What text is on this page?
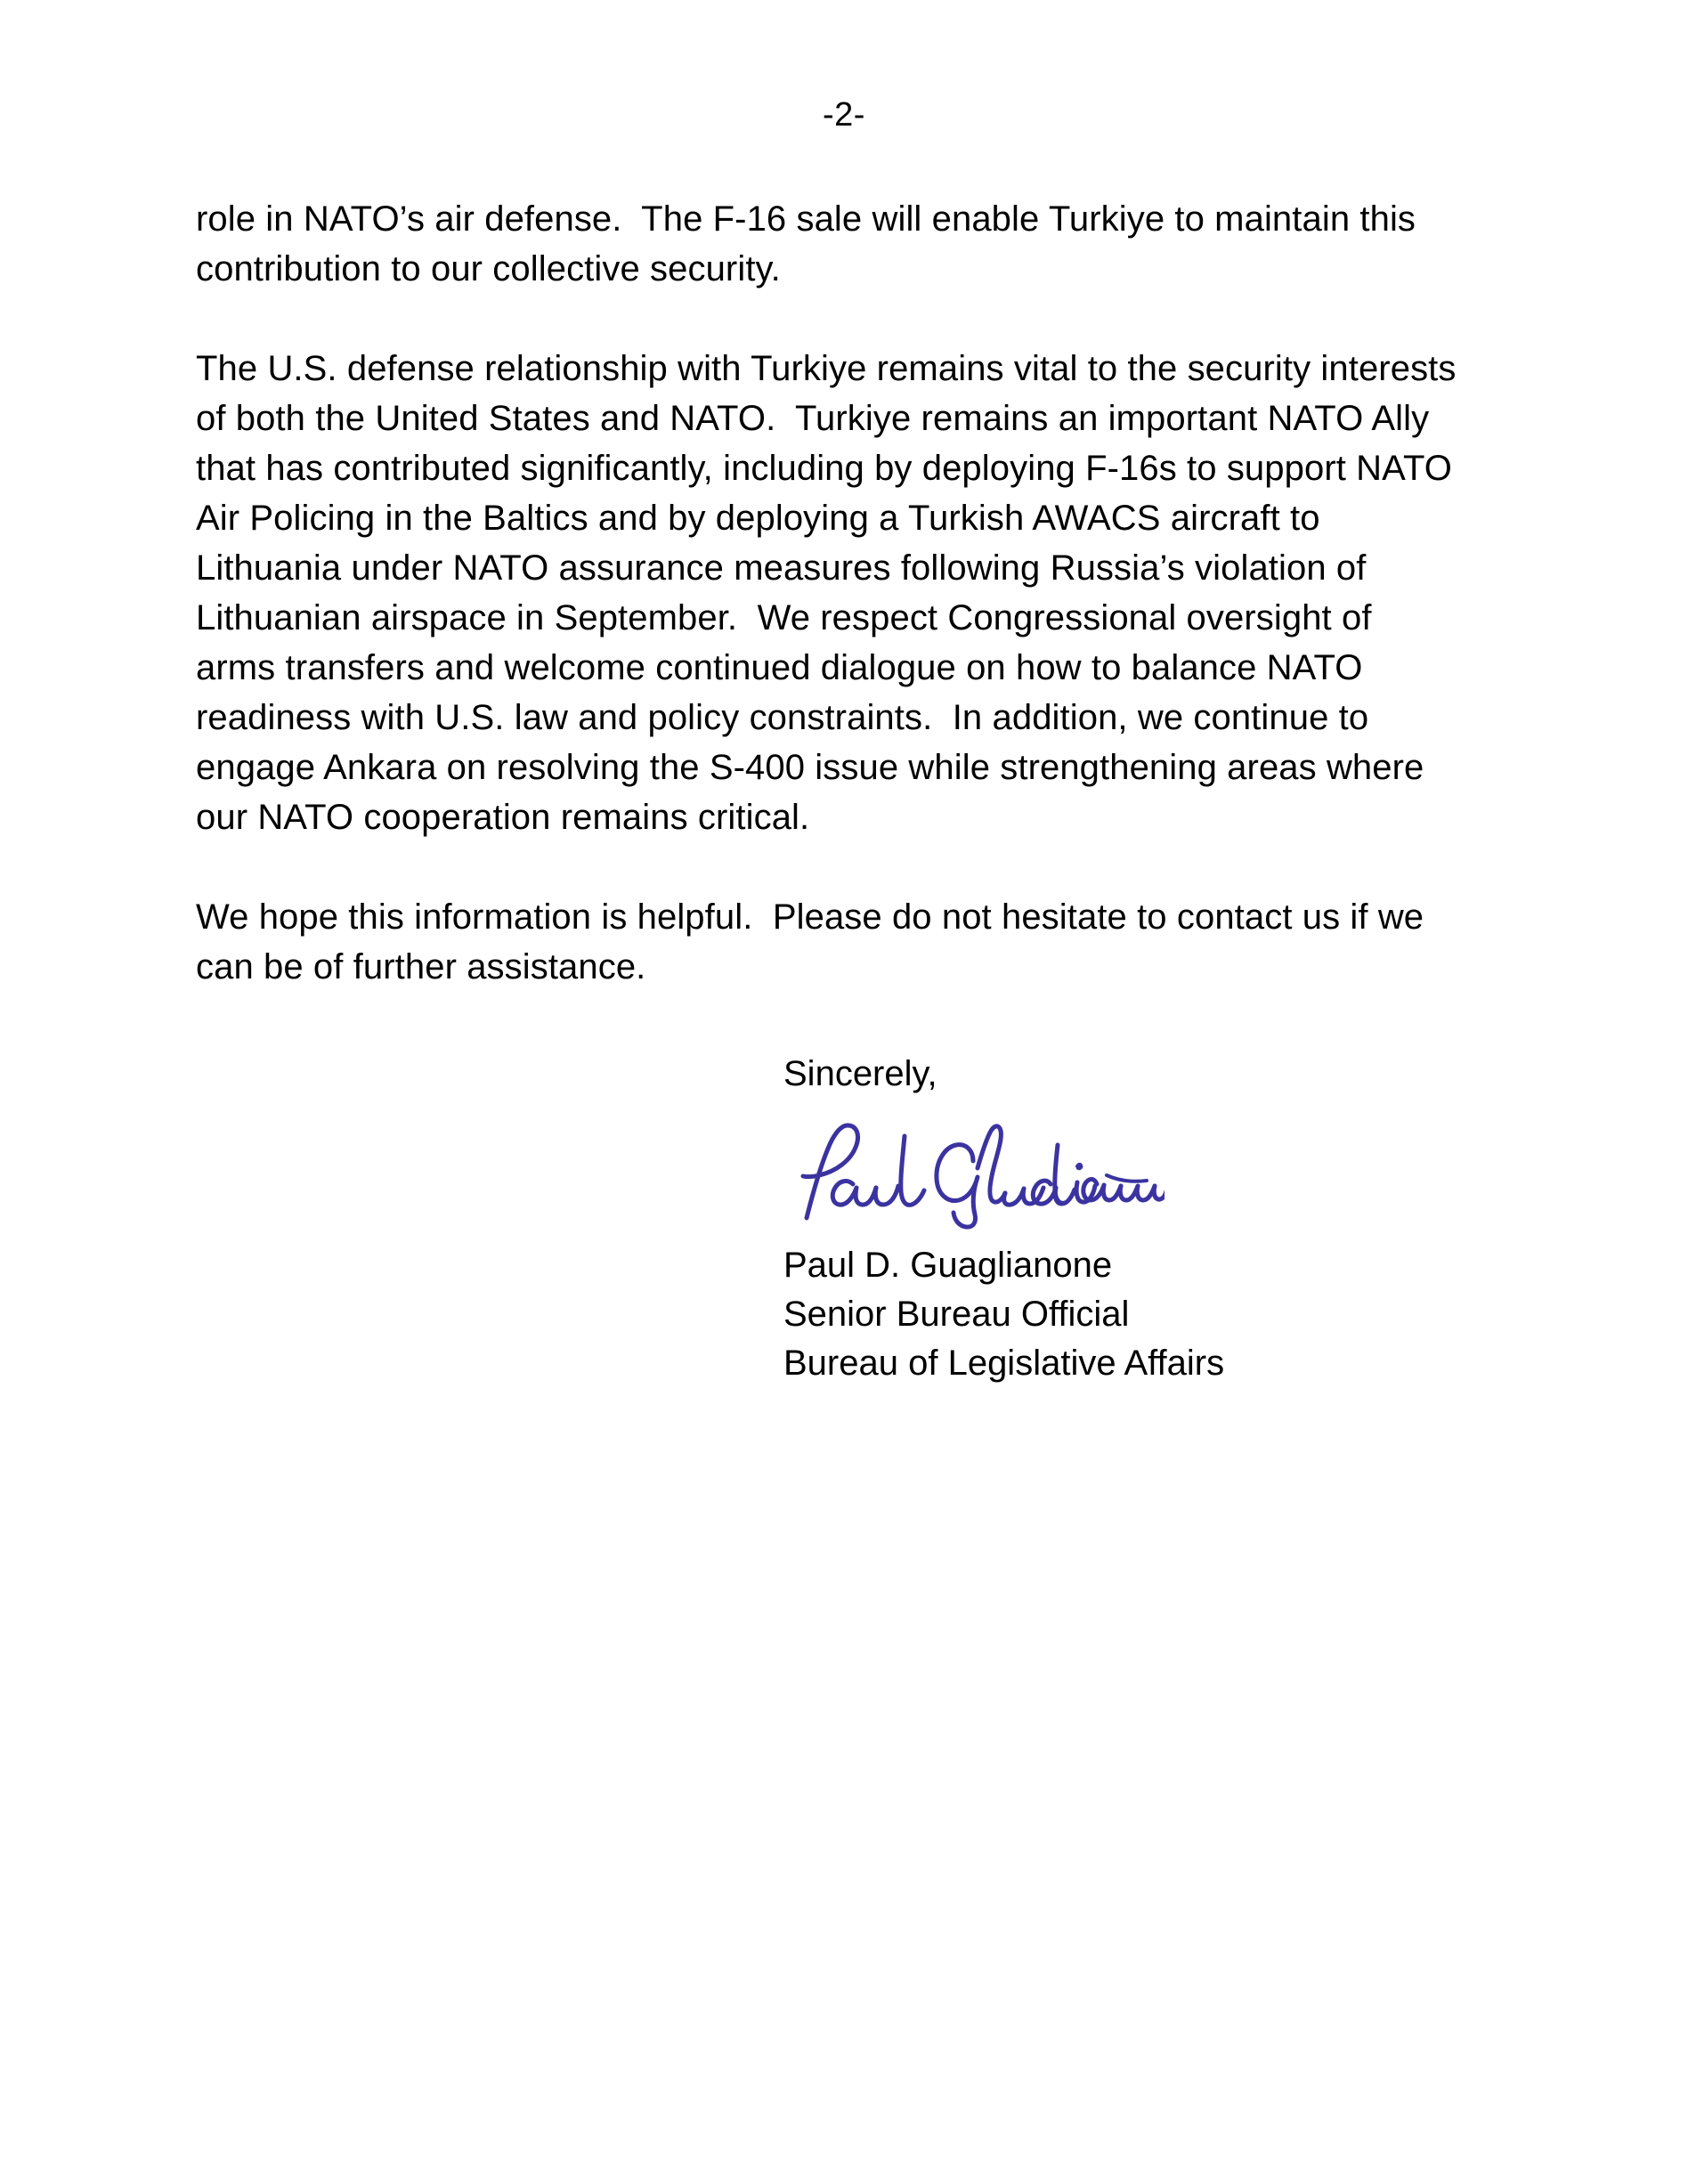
-2-

role in NATO’s air defense.  The F-16 sale will enable Turkiye to maintain this contribution to our collective security.

The U.S. defense relationship with Turkiye remains vital to the security interests of both the United States and NATO.  Turkiye remains an important NATO Ally that has contributed significantly, including by deploying F-16s to support NATO Air Policing in the Baltics and by deploying a Turkish AWACS aircraft to Lithuania under NATO assurance measures following Russia’s violation of Lithuanian airspace in September.  We respect Congressional oversight of arms transfers and welcome continued dialogue on how to balance NATO readiness with U.S. law and policy constraints.  In addition, we continue to engage Ankara on resolving the S-400 issue while strengthening areas where our NATO cooperation remains critical.

We hope this information is helpful.  Please do not hesitate to contact us if we can be of further assistance.

Sincerely,

Paul D. Guaglianone

Senior Bureau Official

Bureau of Legislative Affairs
